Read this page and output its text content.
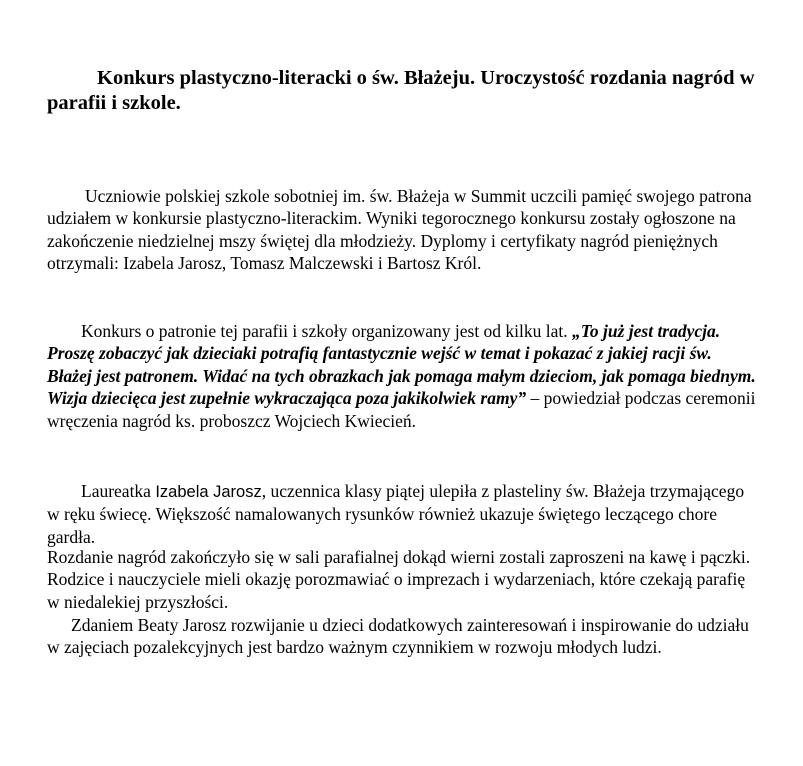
Konkurs plastyczno-literacki o św. Błażeju. Uroczystość rozdania nagród w parafii i szkole.

Uczniowie polskiej szkole sobotniej im. św. Błażeja w Summit uczcili pamięć swojego patrona udziałem w konkursie plastyczno-literackim. Wyniki tegorocznego konkursu zostały ogłoszone na zakończenie niedzielnej mszy świętej dla młodzieży. Dyplomy i certyfikaty nagród pieniężnych otrzymali: Izabela Jarosz, Tomasz Malczewski i Bartosz Król.

Konkurs o patronie tej parafii i szkoły organizowany jest od kilku lat. „To już jest tradycja. Proszę zobaczyć jak dzieciaki potrafią fantastycznie wejść w temat i pokazać z jakiej racji św. Błażej jest patronem. Widać na tych obrazkach jak pomaga małym dzieciom, jak pomaga biednym. Wizja dziecięca jest zupełnie wykraczająca poza jakikolwiek ramy” – powiedział podczas ceremonii wręczenia nagród ks. proboszcz Wojciech Kwiecień.

Laureatka Izabela Jarosz, uczennica klasy piątej ulepiła z plasteliny św. Błażeja trzymającego w ręku świecę. Większość namalowanych rysunków również ukazuje świętego leczącego chore gardła.

Rozdanie nagród zakończyło się w sali parafialnej dokąd wierni zostali zaproszeni na kawę i pączki. Rodzice i nauczyciele mieli okazję porozmawiać o imprezach i wydarzeniach, które czekają parafię w niedalekiej przyszłości.

Zdaniem Beaty Jarosz rozwijanie u dzieci dodatkowych zainteresowań i inspirowanie do udziału w zajęciach pozalekcyjnych jest bardzo ważnym czynnikiem w rozwoju młodych ludzi.
